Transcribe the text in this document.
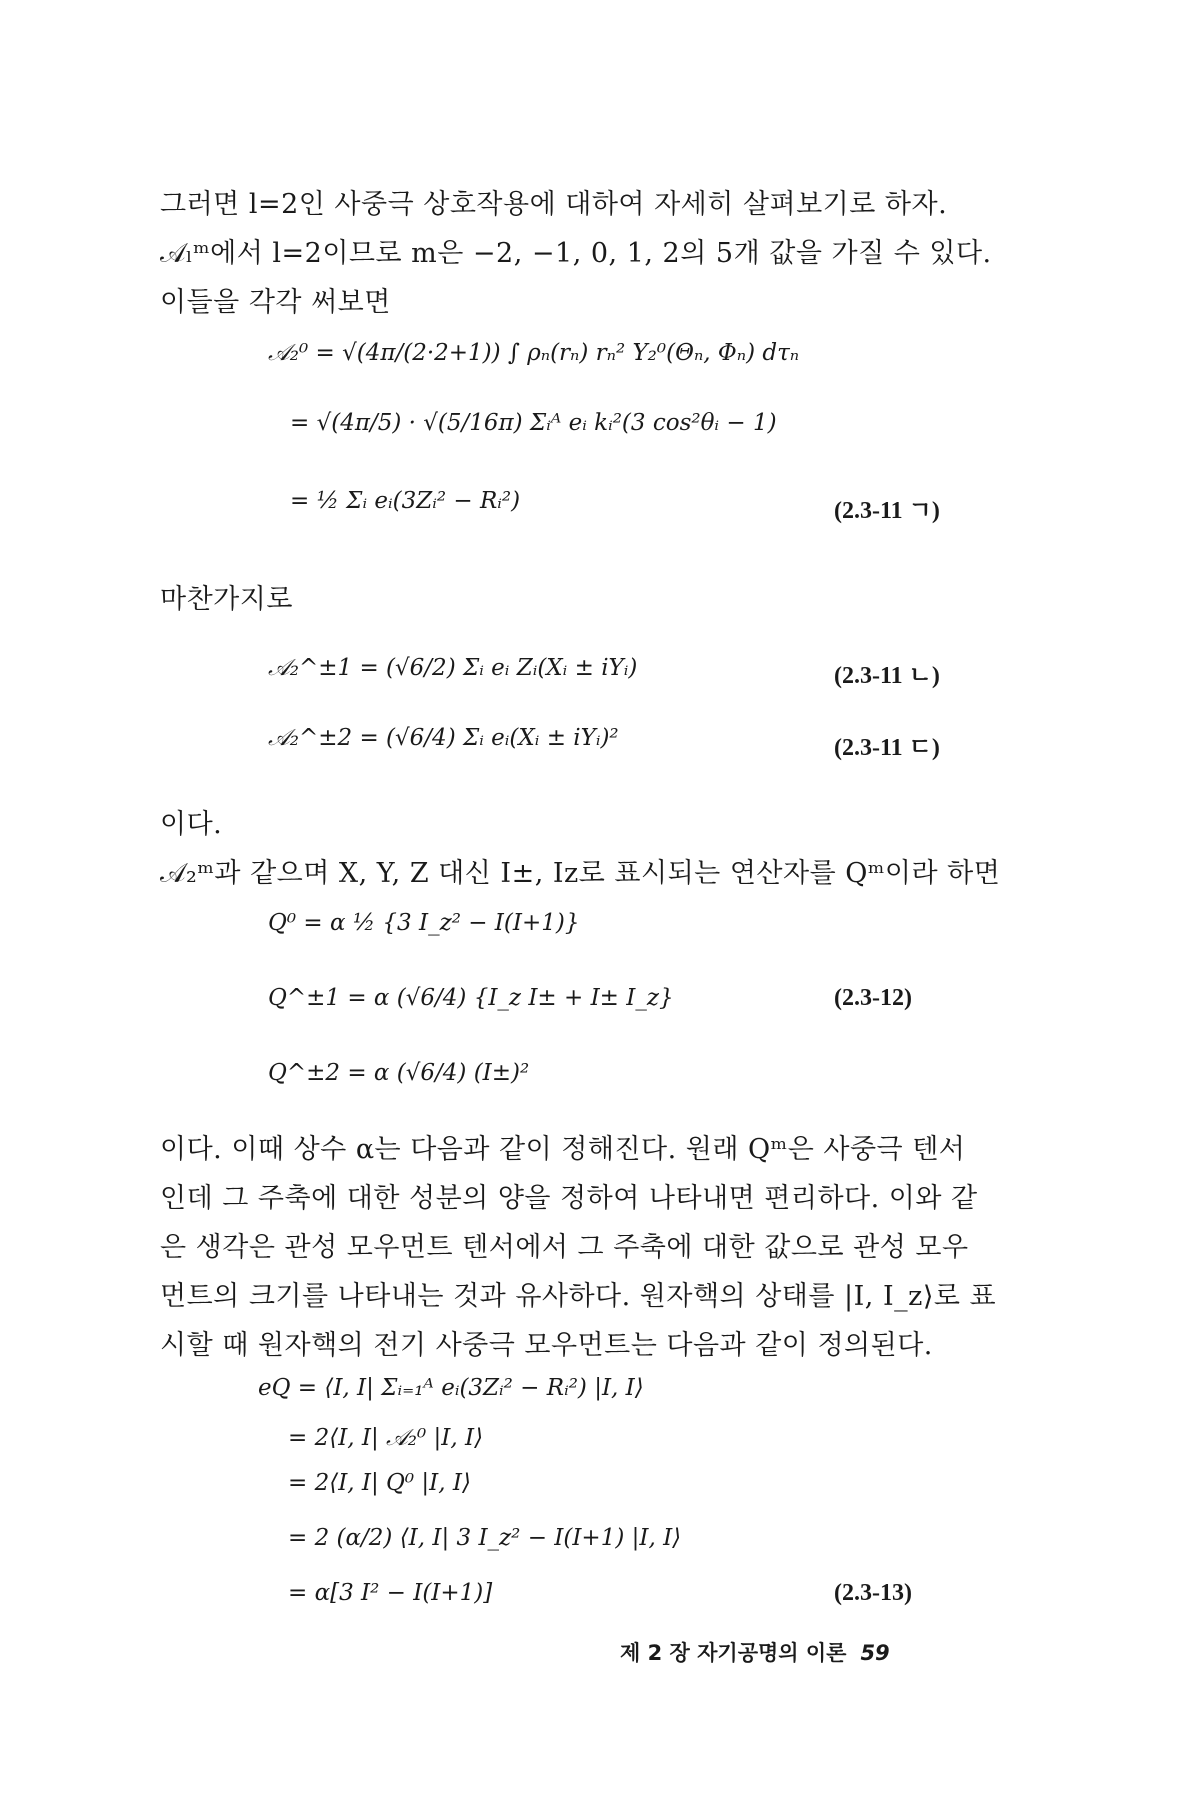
그러면 l=2인 사중극 상호작용에 대하여 자세히 살펴보기로 하자.
𝒜ₗᵐ에서 l=2이므로 m은 −2, −1, 0, 1, 2의 5개 값을 가질 수 있다.
이들을 각각 써보면
𝒜₂⁰ = √(4π/(2·2+1)) ∫ ρₙ(rₙ) rₙ² Y₂⁰(Θₙ, Φₙ) dτₙ
= √(4π/5) · √(5/16π) Σᵢᴬ eᵢ kᵢ²(3 cos²θᵢ − 1)
= ½ Σᵢ eᵢ(3Zᵢ² − Rᵢ²)	(2.3-11 ㄱ)
마찬가지로
𝒜₂^±1 = (√6/2) Σᵢ eᵢ Zᵢ(Xᵢ ± iYᵢ)	(2.3-11 ㄴ)
𝒜₂^±2 = (√6/4) Σᵢ eᵢ(Xᵢ ± iYᵢ)²	(2.3-11 ㄷ)
이다.
𝒜₂ᵐ과 같으며 X, Y, Z 대신 I±, Iz로 표시되는 연산자를 Qᵐ이라 하면
Q⁰ = α ½ {3 I_z² − I(I+1)}
Q^±1 = α (√6/4) {I_z I± + I± I_z}	(2.3-12)
Q^±2 = α (√6/4) (I±)²
이다. 이때 상수 α는 다음과 같이 정해진다. 원래 Qᵐ은 사중극 텐서
인데 그 주축에 대한 성분의 양을 정하여 나타내면 편리하다. 이와 같
은 생각은 관성 모우먼트 텐서에서 그 주축에 대한 값으로 관성 모우
먼트의 크기를 나타내는 것과 유사하다. 원자핵의 상태를 |I, I_z⟩로 표
시할 때 원자핵의 전기 사중극 모우먼트는 다음과 같이 정의된다.
eQ = ⟨I, I| Σᵢ₌₁ᴬ eᵢ(3Zᵢ² − Rᵢ²) |I, I⟩
= 2⟨I, I| 𝒜₂⁰ |I, I⟩
= 2⟨I, I| Q⁰ |I, I⟩
= 2 (α/2) ⟨I, I| 3 I_z² − I(I+1) |I, I⟩
= α[3 I² − I(I+1)]	(2.3-13)
제 2 장 자기공명의 이론 59
